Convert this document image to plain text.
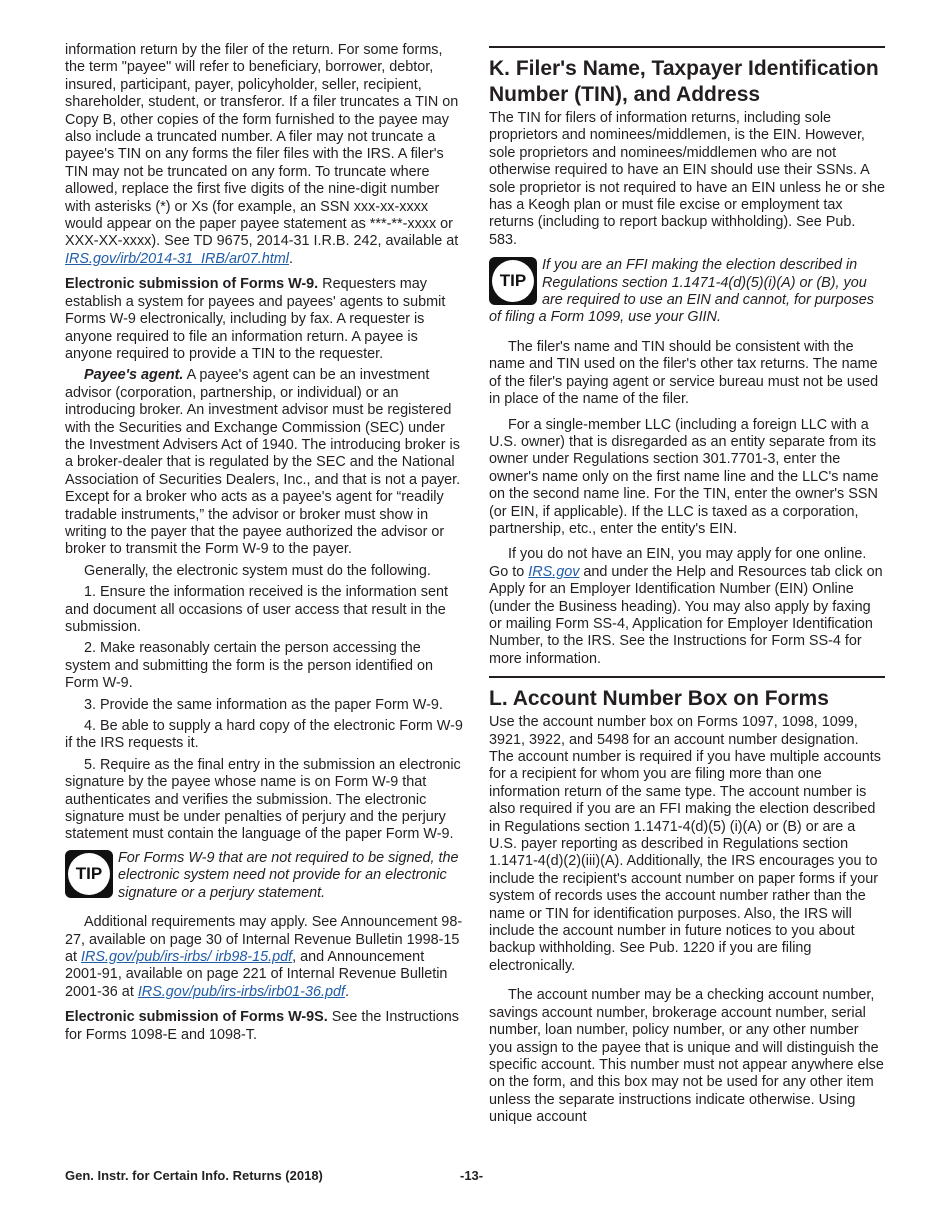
information return by the filer of the return. For some forms, the term "payee" will refer to beneficiary, borrower, debtor, insured, participant, payer, policyholder, seller, recipient, shareholder, student, or transferor. If a filer truncates a TIN on Copy B, other copies of the form furnished to the payee may also include a truncated number. A filer may not truncate a payee's TIN on any forms the filer files with the IRS. A filer's TIN may not be truncated on any form. To truncate where allowed, replace the first five digits of the nine-digit number with asterisks (*) or Xs (for example, an SSN xxx-xx-xxxx would appear on the paper payee statement as ***-**-xxxx or XXX-XX-xxxx). See TD 9675, 2014-31 I.R.B. 242, available at IRS.gov/irb/2014-31_IRB/ar07.html.

Electronic submission of Forms W-9. Requesters may establish a system for payees and payees' agents to submit Forms W-9 electronically, including by fax. A requester is anyone required to file an information return. A payee is anyone required to provide a TIN to the requester.

Payee's agent. A payee's agent can be an investment advisor (corporation, partnership, or individual) or an introducing broker. An investment advisor must be registered with the Securities and Exchange Commission (SEC) under the Investment Advisers Act of 1940. The introducing broker is a broker-dealer that is regulated by the SEC and the National Association of Securities Dealers, Inc., and that is not a payer. Except for a broker who acts as a payee's agent for “readily tradable instruments,” the advisor or broker must show in writing to the payer that the payee authorized the advisor or broker to transmit the Form W-9 to the payer.

Generally, the electronic system must do the following.

1. Ensure the information received is the information sent and document all occasions of user access that result in the submission.

2. Make reasonably certain the person accessing the system and submitting the form is the person identified on Form W-9.

3. Provide the same information as the paper Form W-9.

4. Be able to supply a hard copy of the electronic Form W-9 if the IRS requests it.

5. Require as the final entry in the submission an electronic signature by the payee whose name is on Form W-9 that authenticates and verifies the submission. The electronic signature must be under penalties of perjury and the perjury statement must contain the language of the paper Form W-9.

TIP
For Forms W-9 that are not required to be signed, the electronic system need not provide for an electronic signature or a perjury statement.

Additional requirements may apply. See Announcement 98-27, available on page 30 of Internal Revenue Bulletin 1998-15 at IRS.gov/pub/irs-irbs/ irb98-15.pdf, and Announcement 2001-91, available on page 221 of Internal Revenue Bulletin 2001-36 at IRS.gov/pub/irs-irbs/irb01-36.pdf.

Electronic submission of Forms W-9S. See the Instructions for Forms 1098-E and 1098-T.

K. Filer's Name, Taxpayer Identification Number (TIN), and Address

The TIN for filers of information returns, including sole proprietors and nominees/middlemen, is the EIN. However, sole proprietors and nominees/middlemen who are not otherwise required to have an EIN should use their SSNs. A sole proprietor is not required to have an EIN unless he or she has a Keogh plan or must file excise or employment tax returns (including to report backup withholding). See Pub. 583.

TIP
If you are an FFI making the election described in Regulations section 1.1471-4(d)(5)(i)(A) or (B), you are required to use an EIN and cannot, for purposes of filing a Form 1099, use your GIIN.

The filer's name and TIN should be consistent with the name and TIN used on the filer's other tax returns. The name of the filer's paying agent or service bureau must not be used in place of the name of the filer.

For a single-member LLC (including a foreign LLC with a U.S. owner) that is disregarded as an entity separate from its owner under Regulations section 301.7701-3, enter the owner's name only on the first name line and the LLC's name on the second name line. For the TIN, enter the owner's SSN (or EIN, if applicable). If the LLC is taxed as a corporation, partnership, etc., enter the entity's EIN.

If you do not have an EIN, you may apply for one online. Go to IRS.gov and under the Help and Resources tab click on Apply for an Employer Identification Number (EIN) Online (under the Business heading). You may also apply by faxing or mailing Form SS-4, Application for Employer Identification Number, to the IRS. See the Instructions for Form SS-4 for more information.

L. Account Number Box on Forms

Use the account number box on Forms 1097, 1098, 1099, 3921, 3922, and 5498 for an account number designation. The account number is required if you have multiple accounts for a recipient for whom you are filing more than one information return of the same type. The account number is also required if you are an FFI making the election described in Regulations section 1.1471-4(d)(5) (i)(A) or (B) or are a U.S. payer reporting as described in Regulations section 1.1471-4(d)(2)(iii)(A). Additionally, the IRS encourages you to include the recipient's account number on paper forms if your system of records uses the account number rather than the name or TIN for identification purposes. Also, the IRS will include the account number in future notices to you about backup withholding. See Pub. 1220 if you are filing electronically.

The account number may be a checking account number, savings account number, brokerage account number, serial number, loan number, policy number, or any other number you assign to the payee that is unique and will distinguish the specific account. This number must not appear anywhere else on the form, and this box may not be used for any other item unless the separate instructions indicate otherwise. Using unique account

Gen. Instr. for Certain Info. Returns (2018)	-13-
